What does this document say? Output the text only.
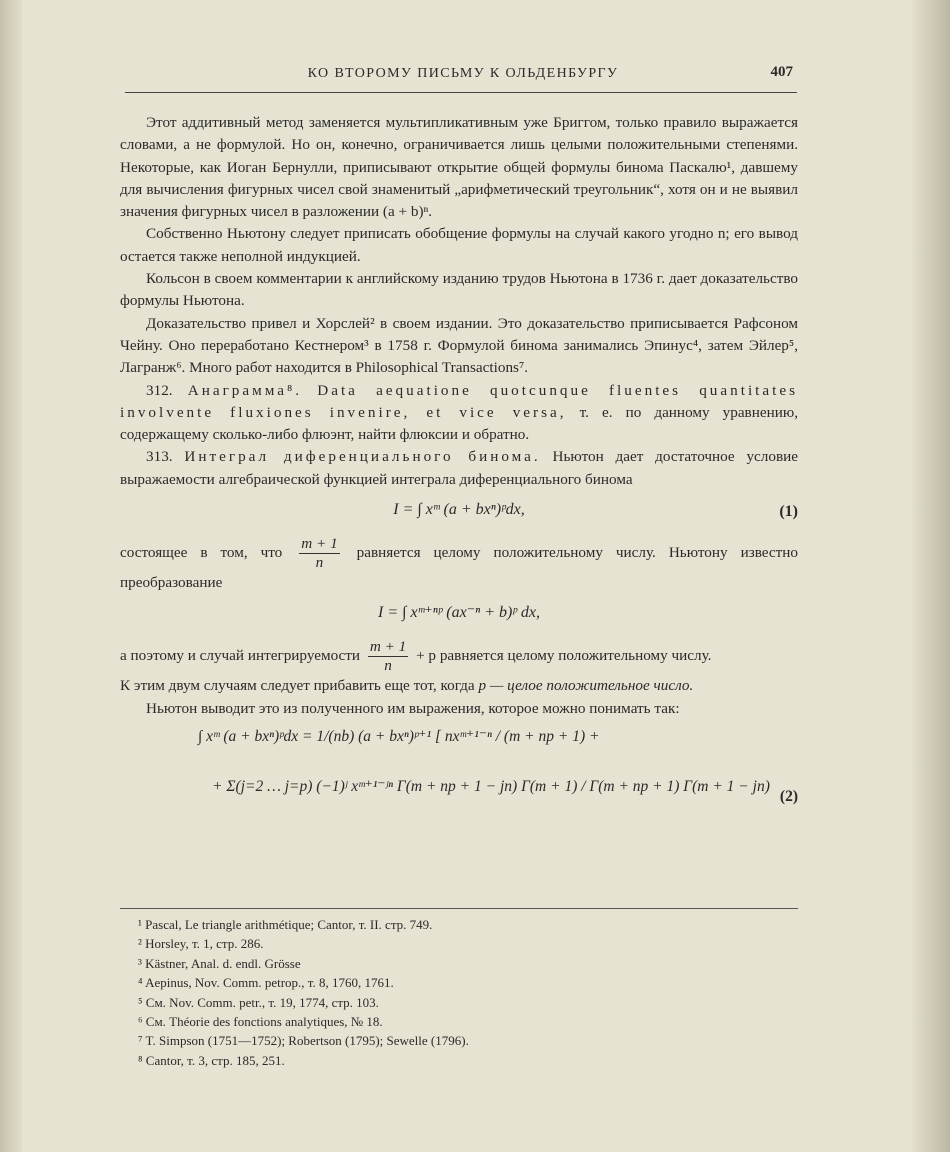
КО ВТОРОМУ ПИСЬМУ К ОЛЬДЕНБУРГУ	407

Этот аддитивный метод заменяется мультипликативным уже Бриггом, только правило выражается словами, а не формулой. Но он, конечно, ограничивается лишь целыми положительными степенями. Некоторые, как Иоган Бернулли, приписывают открытие общей формулы бинома Паскалю¹, давшему для вычисления фигурных чисел свой знаменитый „арифметический треугольник“, хотя он и не выявил значения фигурных чисел в разложении (a + b)ⁿ.

Собственно Ньютону следует приписать обобщение формулы на случай какого угодно n; его вывод остается также неполной индукцией.

Кольсон в своем комментарии к английскому изданию трудов Ньютона в 1736 г. дает доказательство формулы Ньютона.

Доказательство привел и Хорслей² в своем издании. Это доказательство приписывается Рафсоном Чейну. Оно переработано Кестнером³ в 1758 г. Формулой бинома занимались Эпинус⁴, затем Эйлер⁵, Лагранж⁶. Много работ находится в Philosophical Transactions⁷.

312. Анаграмма⁸. Data aequatione quotcunque fluentes quantitates involvente fluxiones invenire, et vice versa, т. е. по данному уравнению, содержащему сколько-либо флюэнт, найти флюксии и обратно.

313. Интеграл диференциального бинома. Ньютон дает достаточное условие выражаемости алгебраической функцией интеграла диференциального бинома

I = ∫ xᵐ (a + bxⁿ)ᵖdx,	(1)

состоящее в том, что $\frac{m + 1}{n}$ равняется целому положительному числу. Ньютону известно преобразование

I = ∫ xᵐ⁺ⁿᵖ (ax⁻ⁿ + b)ᵖ dx,

а поэтому и случай интегрируемости $\frac{m + 1}{n} + p$ равняется целому положительному числу.

К этим двум случаям следует прибавить еще тот, когда p — целое положительное число.

Ньютон выводит это из полученного им выражения, которое можно понимать так:

∫ xᵐ (a + bxⁿ)ᵖdx = 1/(nb) (a + bxⁿ)ᵖ⁺¹ [ nxᵐ⁺¹⁻ⁿ / (m + np + 1) +
+ Σ(j=2 … j=p) (−1)ʲ xᵐ⁺¹⁻ʲⁿ Γ(m + np + 1 − jn) Γ(m + 1) / Γ(m + np + 1) Γ(m + 1 − jn)
(2)
¹ Pascal, Le triangle arithmétique; Cantor, т. II. стр. 749.
² Horsley, т. 1, стр. 286.
³ Kästner, Anal. d. endl. Grösse
⁴ Aepinus, Nov. Comm. petrop., т. 8, 1760, 1761.
⁵ См. Nov. Comm. petr., т. 19, 1774, стр. 103.
⁶ См. Théorie des fonctions analytiques, № 18.
⁷ T. Simpson (1751—1752); Robertson (1795); Sewelle (1796).
⁸ Cantor, т. 3, стр. 185, 251.
